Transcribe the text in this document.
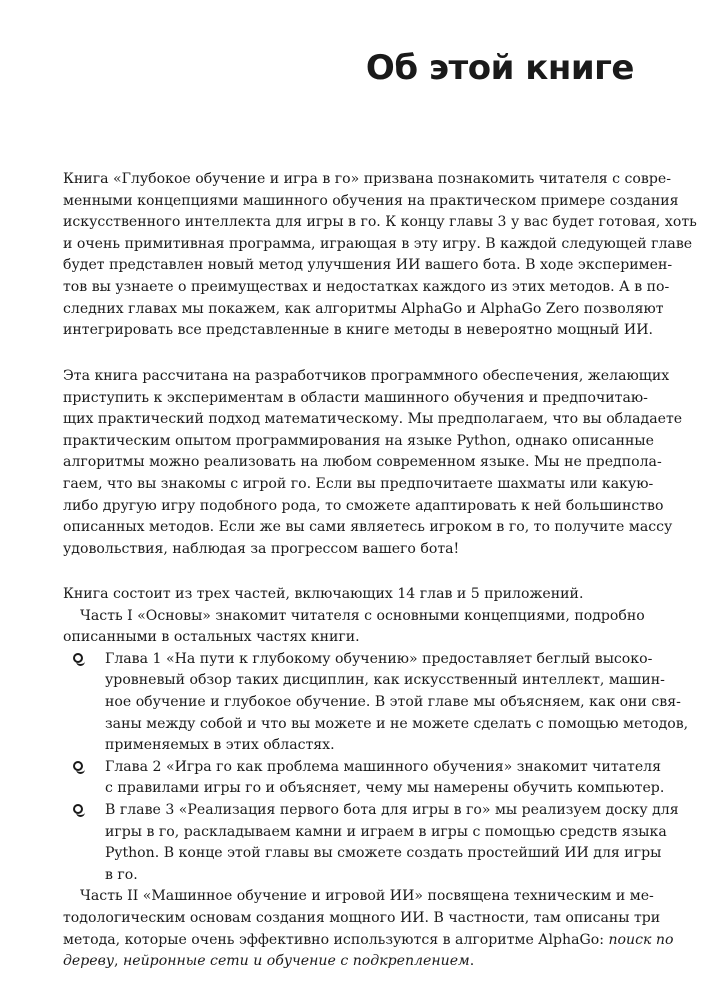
Об этой книге
Книга «Глубокое обучение и игра в го» призвана познакомить читателя с совре-
менными концепциями машинного обучения на практическом примере создания
искусственного интеллекта для игры в го. К концу главы 3 у вас будет готовая, хоть
и очень примитивная программа, играющая в эту игру. В каждой следующей главе
будет представлен новый метод улучшения ИИ вашего бота. В ходе эксперимен-
тов вы узнаете о преимуществах и недостатках каждого из этих методов. А в по-
следних главах мы покажем, как алгоритмы AlphaGo и AlphaGo Zero позволяют
интегрировать все представленные в книге методы в невероятно мощный ИИ.
Эта книга рассчитана на разработчиков программного обеспечения, желающих
приступить к экспериментам в области машинного обучения и предпочитаю-
щих практический подход математическому. Мы предполагаем, что вы обладаете
практическим опытом программирования на языке Python, однако описанные
алгоритмы можно реализовать на любом современном языке. Мы не предпола-
гаем, что вы знакомы с игрой го. Если вы предпочитаете шахматы или какую-
либо другую игру подобного рода, то сможете адаптировать к ней большинство
описанных методов. Если же вы сами являетесь игроком в го, то получите массу
удовольствия, наблюдая за прогрессом вашего бота!
Книга состоит из трех частей, включающих 14 глав и 5 приложений.
Часть I «Основы» знакомит читателя с основными концепциями, подробно
описанными в остальных частях книги.
Глава 1 «На пути к глубокому обучению» предоставляет беглый высоко-
уровневый обзор таких дисциплин, как искусственный интеллект, машин-
ное обучение и глубокое обучение. В этой главе мы объясняем, как они свя-
заны между собой и что вы можете и не можете сделать с помощью методов,
применяемых в этих областях.
Глава 2 «Игра го как проблема машинного обучения» знакомит читателя
с правилами игры го и объясняет, чему мы намерены обучить компьютер.
В главе 3 «Реализация первого бота для игры в го» мы реализуем доску для
игры в го, раскладываем камни и играем в игры с помощью средств языка
Python. В конце этой главы вы сможете создать простейший ИИ для игры
в го.
Часть II «Машинное обучение и игровой ИИ» посвящена техническим и ме-
тодологическим основам создания мощного ИИ. В частности, там описаны три
метода, которые очень эффективно используются в алгоритме AlphaGo: поиск по
дереву, нейронные сети и обучение с подкреплением.
